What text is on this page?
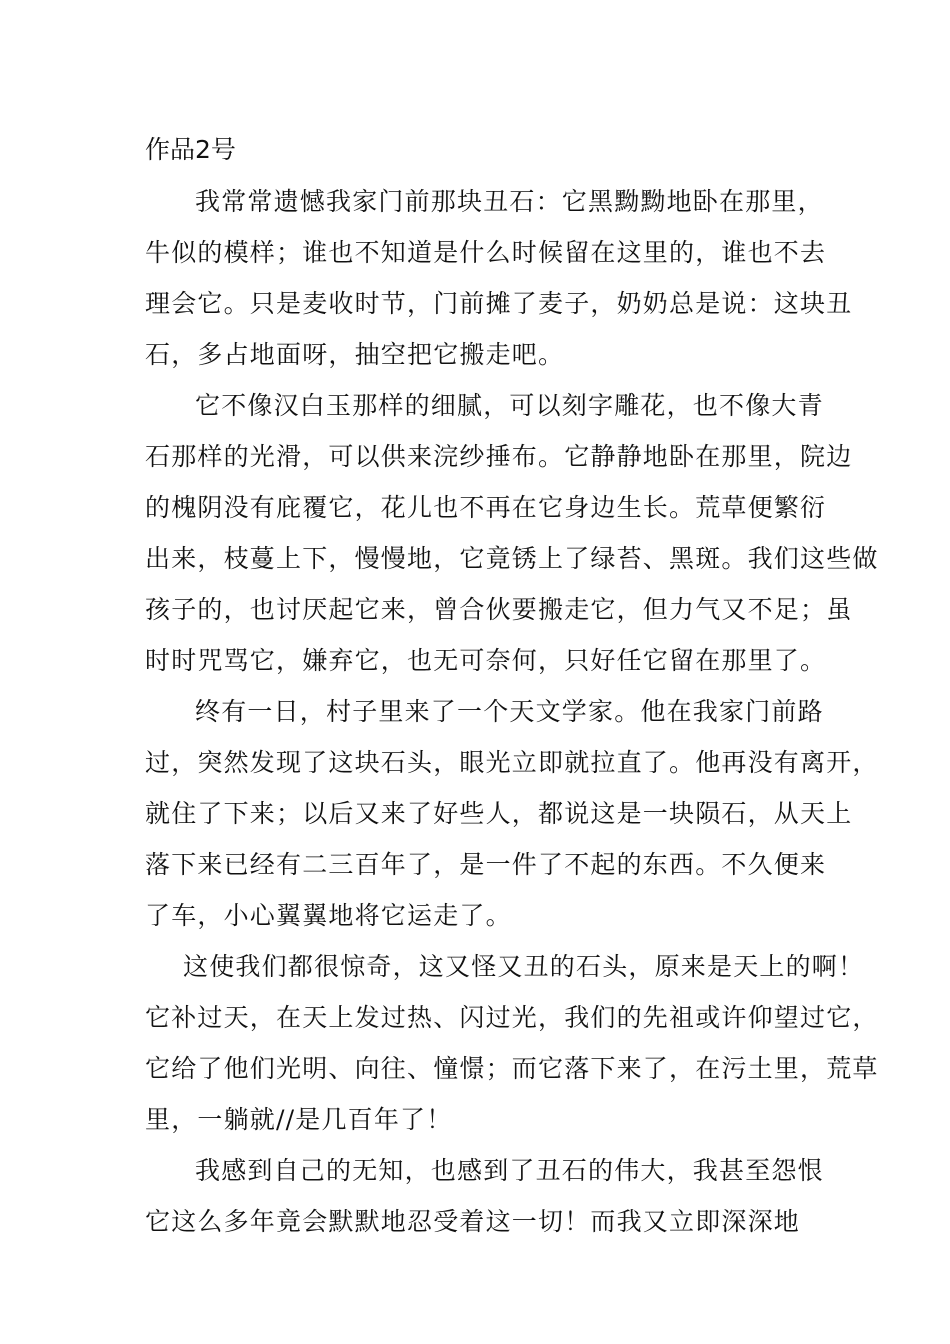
作品2号
我常常遗憾我家门前那块丑石：它黑黝黝地卧在那里，
牛似的模样；谁也不知道是什么时候留在这里的，谁也不去
理会它。只是麦收时节，门前摊了麦子，奶奶总是说：这块丑
石，多占地面呀，抽空把它搬走吧。
它不像汉白玉那样的细腻，可以刻字雕花，也不像大青
石那样的光滑，可以供来浣纱捶布。它静静地卧在那里，院边
的槐阴没有庇覆它，花儿也不再在它身边生长。荒草便繁衍
出来，枝蔓上下，慢慢地，它竟锈上了绿苔、黑斑。我们这些做
孩子的，也讨厌起它来，曾合伙要搬走它，但力气又不足；虽
时时咒骂它，嫌弃它，也无可奈何，只好任它留在那里了。
终有一日，村子里来了一个天文学家。他在我家门前路
过，突然发现了这块石头，眼光立即就拉直了。他再没有离开，
就住了下来；以后又来了好些人，都说这是一块陨石，从天上
落下来已经有二三百年了，是一件了不起的东西。不久便来
了车，小心翼翼地将它运走了。
这使我们都很惊奇，这又怪又丑的石头，原来是天上的啊！
它补过天，在天上发过热、闪过光，我们的先祖或许仰望过它，
它给了他们光明、向往、憧憬；而它落下来了，在污土里，荒草
里，一躺就//是几百年了！
我感到自己的无知，也感到了丑石的伟大，我甚至怨恨
它这么多年竟会默默地忍受着这一切！而我又立即深深地
